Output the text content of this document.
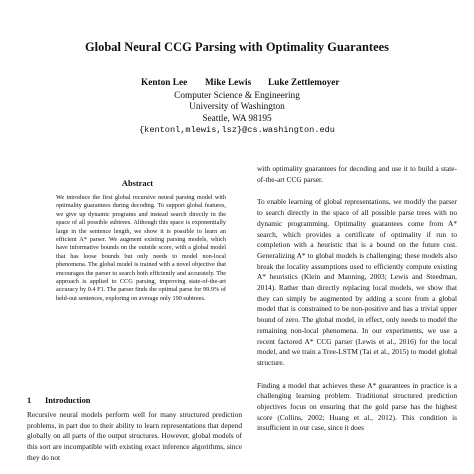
Global Neural CCG Parsing with Optimality Guarantees
Kenton Lee Mike Lewis Luke Zettlemoyer
Computer Science & Engineering
University of Washington
Seattle, WA 98195
{kentonl,mlewis,lsz}@cs.washington.edu
Abstract

We introduce the first global recursive neural parsing model with optimality guarantees during decoding. To support global features, we give up dynamic programs and instead search directly in the space of all possible subtrees. Although this space is exponentially large in the sentence length, we show it is possible to learn an efficient A* parser. We augment existing parsing models, which have informative bounds on the outside score, with a global model that has loose bounds but only needs to model non-local phenomena. The global model is trained with a novel objective that encourages the parser to search both efficiently and accurately. The approach is applied to CCG parsing, improving state-of-the-art accuracy by 0.4 F1. The parser finds the optimal parse for 99.9% of held-out sentences, exploring on average only 190 subtrees.

1 Introduction

Recursive neural models perform well for many structured prediction problems, in part due to their ability to learn representations that depend globally on all parts of the output structures. However, global models of this sort are incompatible with existing exact inference algorithms, since they do not

with optimality guarantees for decoding and use it to build a state-of-the-art CCG parser.

To enable learning of global representations, we modify the parser to search directly in the space of all possible parse trees with no dynamic programming. Optimality guarantees come from A* search, which provides a certificate of optimality if run to completion with a heuristic that is a bound on the future cost. Generalizing A* to global models is challenging; these models also break the locality assumptions used to efficiently compute existing A* heuristics (Klein and Manning, 2003; Lewis and Steedman, 2014). Rather than directly replacing local models, we show that they can simply be augmented by adding a score from a global model that is constrained to be non-positive and has a trivial upper bound of zero. The global model, in effect, only needs to model the remaining non-local phenomena. In our experiments, we use a recent factored A* CCG parser (Lewis et al., 2016) for the local model, and we train a Tree-LSTM (Tai et al., 2015) to model global structure.

Finding a model that achieves these A* guarantees in practice is a challenging learning problem. Traditional structured prediction objectives focus on ensuring that the gold parse has the highest score (Collins, 2002; Huang et al., 2012). This condition is insufficient in our case, since it does
